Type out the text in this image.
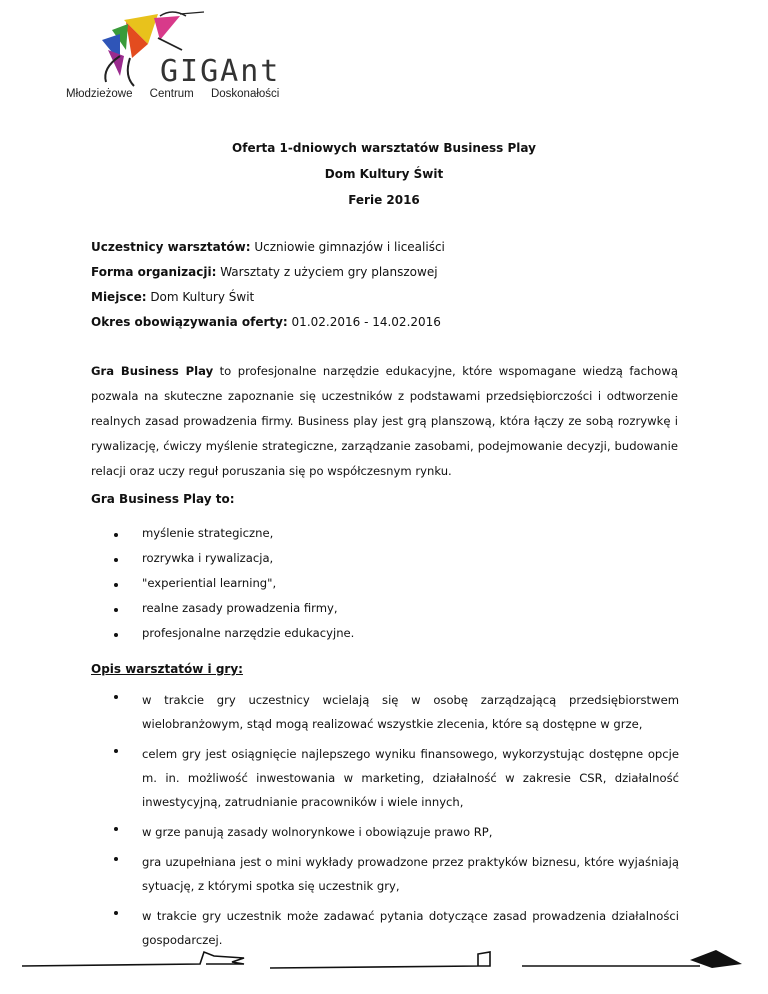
GIGAnt
Młodzieżowe Centrum Doskonałości
Oferta 1-dniowych warsztatów Business Play
Dom Kultury Świt
Ferie 2016
Uczestnicy warsztatów: Uczniowie gimnazjów i licealiści
Forma organizacji: Warsztaty z użyciem gry planszowej
Miejsce: Dom Kultury Świt
Okres obowiązywania oferty: 01.02.2016 - 14.02.2016
Gra Business Play to profesjonalne narzędzie edukacyjne, które wspomagane wiedzą fachową pozwala na skuteczne zapoznanie się uczestników z podstawami przedsiębiorczości i odtworzenie realnych zasad prowadzenia firmy. Business play jest grą planszową, która łączy ze sobą rozrywkę i rywalizację, ćwiczy myślenie strategiczne, zarządzanie zasobami, podejmowanie decyzji, budowanie relacji oraz uczy reguł poruszania się po współczesnym rynku.
Gra Business Play to:
myślenie strategiczne,
rozrywka i rywalizacja,
"experiential learning",
realne zasady prowadzenia firmy,
profesjonalne narzędzie edukacyjne.
Opis warsztatów i gry:
w trakcie gry uczestnicy wcielają się w osobę zarządzającą przedsiębiorstwem wielobranżowym, stąd mogą realizować wszystkie zlecenia, które są dostępne w grze,
celem gry jest osiągnięcie najlepszego wyniku finansowego, wykorzystując dostępne opcje m. in. możliwość inwestowania w marketing, działalność w zakresie CSR, działalność inwestycyjną, zatrudnianie pracowników i wiele innych,
w grze panują zasady wolnorynkowe i obowiązuje prawo RP,
gra uzupełniana jest o mini wykłady prowadzone przez praktyków biznesu, które wyjaśniają sytuację, z którymi spotka się uczestnik gry,
w trakcie gry uczestnik może zadawać pytania dotyczące zasad prowadzenia działalności gospodarczej.
